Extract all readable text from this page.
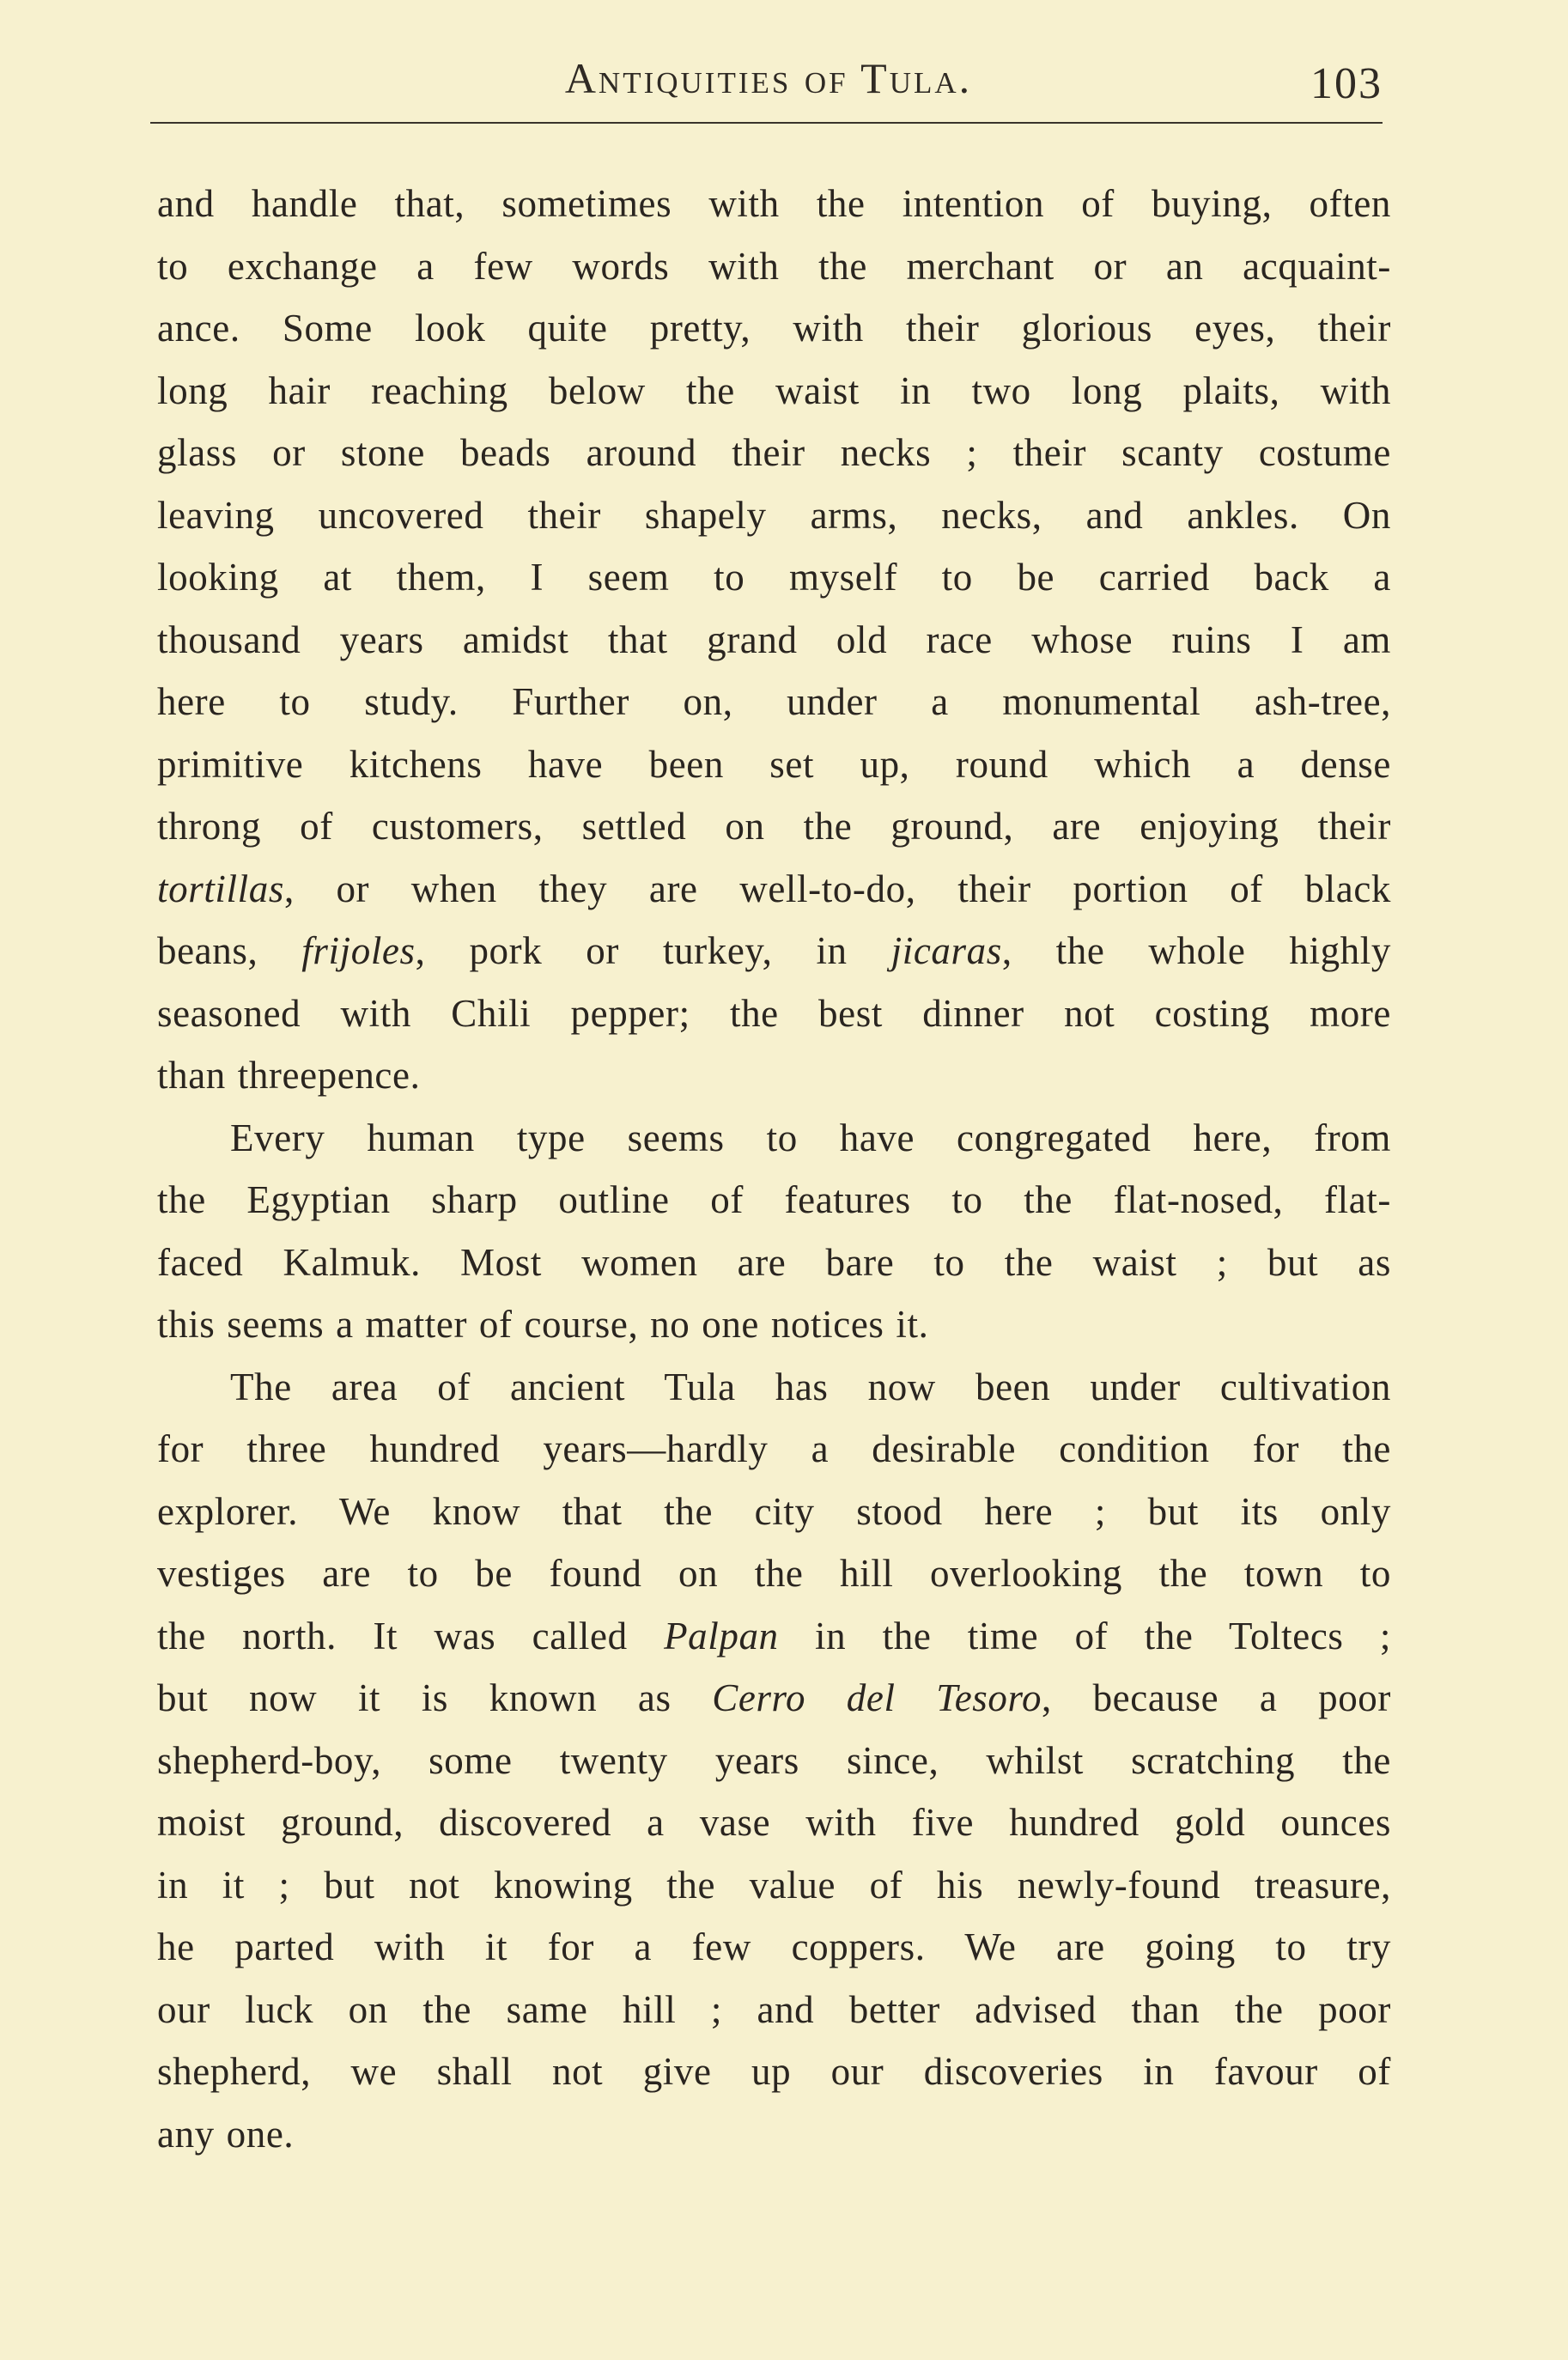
Antiquities of Tula.	103
and handle that, sometimes with the intention of buying, often
to exchange a few words with the merchant or an acquaint-
ance. Some look quite pretty, with their glorious eyes, their
long hair reaching below the waist in two long plaits, with
glass or stone beads around their necks ; their scanty costume
leaving uncovered their shapely arms, necks, and ankles. On
looking at them, I seem to myself to be carried back a
thousand years amidst that grand old race whose ruins I am
here to study. Further on, under a monumental ash-tree,
primitive kitchens have been set up, round which a dense
throng of customers, settled on the ground, are enjoying their
tortillas, or when they are well-to-do, their portion of black
beans, frijoles, pork or turkey, in jicaras, the whole highly
seasoned with Chili pepper; the best dinner not costing more
than threepence.
Every human type seems to have congregated here, from
the Egyptian sharp outline of features to the flat-nosed, flat-
faced Kalmuk. Most women are bare to the waist ; but as
this seems a matter of course, no one notices it.
The area of ancient Tula has now been under cultivation
for three hundred years—hardly a desirable condition for the
explorer. We know that the city stood here ; but its only
vestiges are to be found on the hill overlooking the town to
the north. It was called Palpan in the time of the Toltecs ;
but now it is known as Cerro del Tesoro, because a poor
shepherd-boy, some twenty years since, whilst scratching the
moist ground, discovered a vase with five hundred gold ounces
in it ; but not knowing the value of his newly-found treasure,
he parted with it for a few coppers. We are going to try
our luck on the same hill ; and better advised than the poor
shepherd, we shall not give up our discoveries in favour of
any one.
